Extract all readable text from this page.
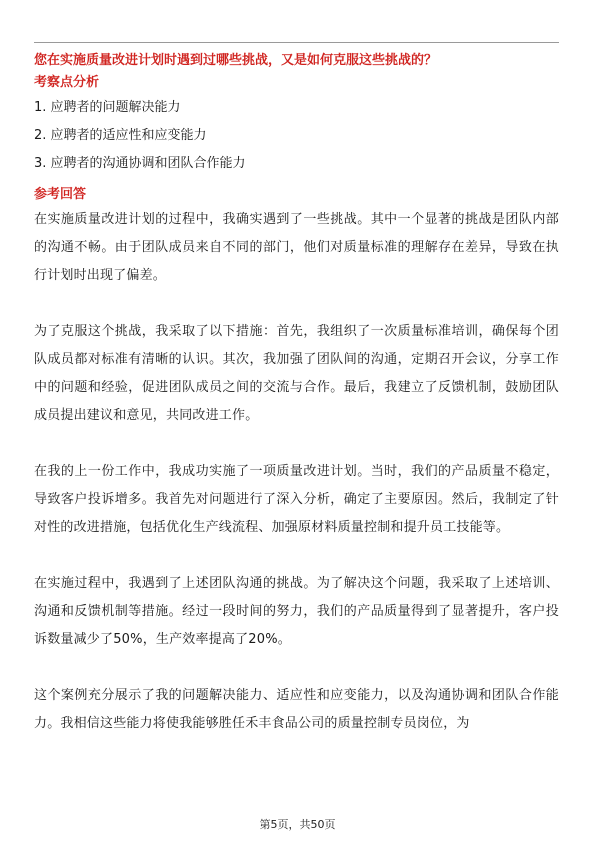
您在实施质量改进计划时遇到过哪些挑战，又是如何克服这些挑战的？

考察点分析

1. 应聘者的问题解决能力

2. 应聘者的适应性和应变能力

3. 应聘者的沟通协调和团队合作能力

参考回答

在实施质量改进计划的过程中，我确实遇到了一些挑战。其中一个显著的挑战是团队内部的沟通不畅。由于团队成员来自不同的部门，他们对质量标准的理解存在差异，导致在执行计划时出现了偏差。

为了克服这个挑战，我采取了以下措施：首先，我组织了一次质量标准培训，确保每个团队成员都对标准有清晰的认识。其次，我加强了团队间的沟通，定期召开会议，分享工作中的问题和经验，促进团队成员之间的交流与合作。最后，我建立了反馈机制，鼓励团队成员提出建议和意见，共同改进工作。

在我的上一份工作中，我成功实施了一项质量改进计划。当时，我们的产品质量不稳定，导致客户投诉增多。我首先对问题进行了深入分析，确定了主要原因。然后，我制定了针对性的改进措施，包括优化生产线流程、加强原材料质量控制和提升员工技能等。

在实施过程中，我遇到了上述团队沟通的挑战。为了解决这个问题，我采取了上述培训、沟通和反馈机制等措施。经过一段时间的努力，我们的产品质量得到了显著提升，客户投诉数量减少了50%，生产效率提高了20%。

这个案例充分展示了我的问题解决能力、适应性和应变能力，以及沟通协调和团队合作能力。我相信这些能力将使我能够胜任禾丰食品公司的质量控制专员岗位，为

第5页，共50页
